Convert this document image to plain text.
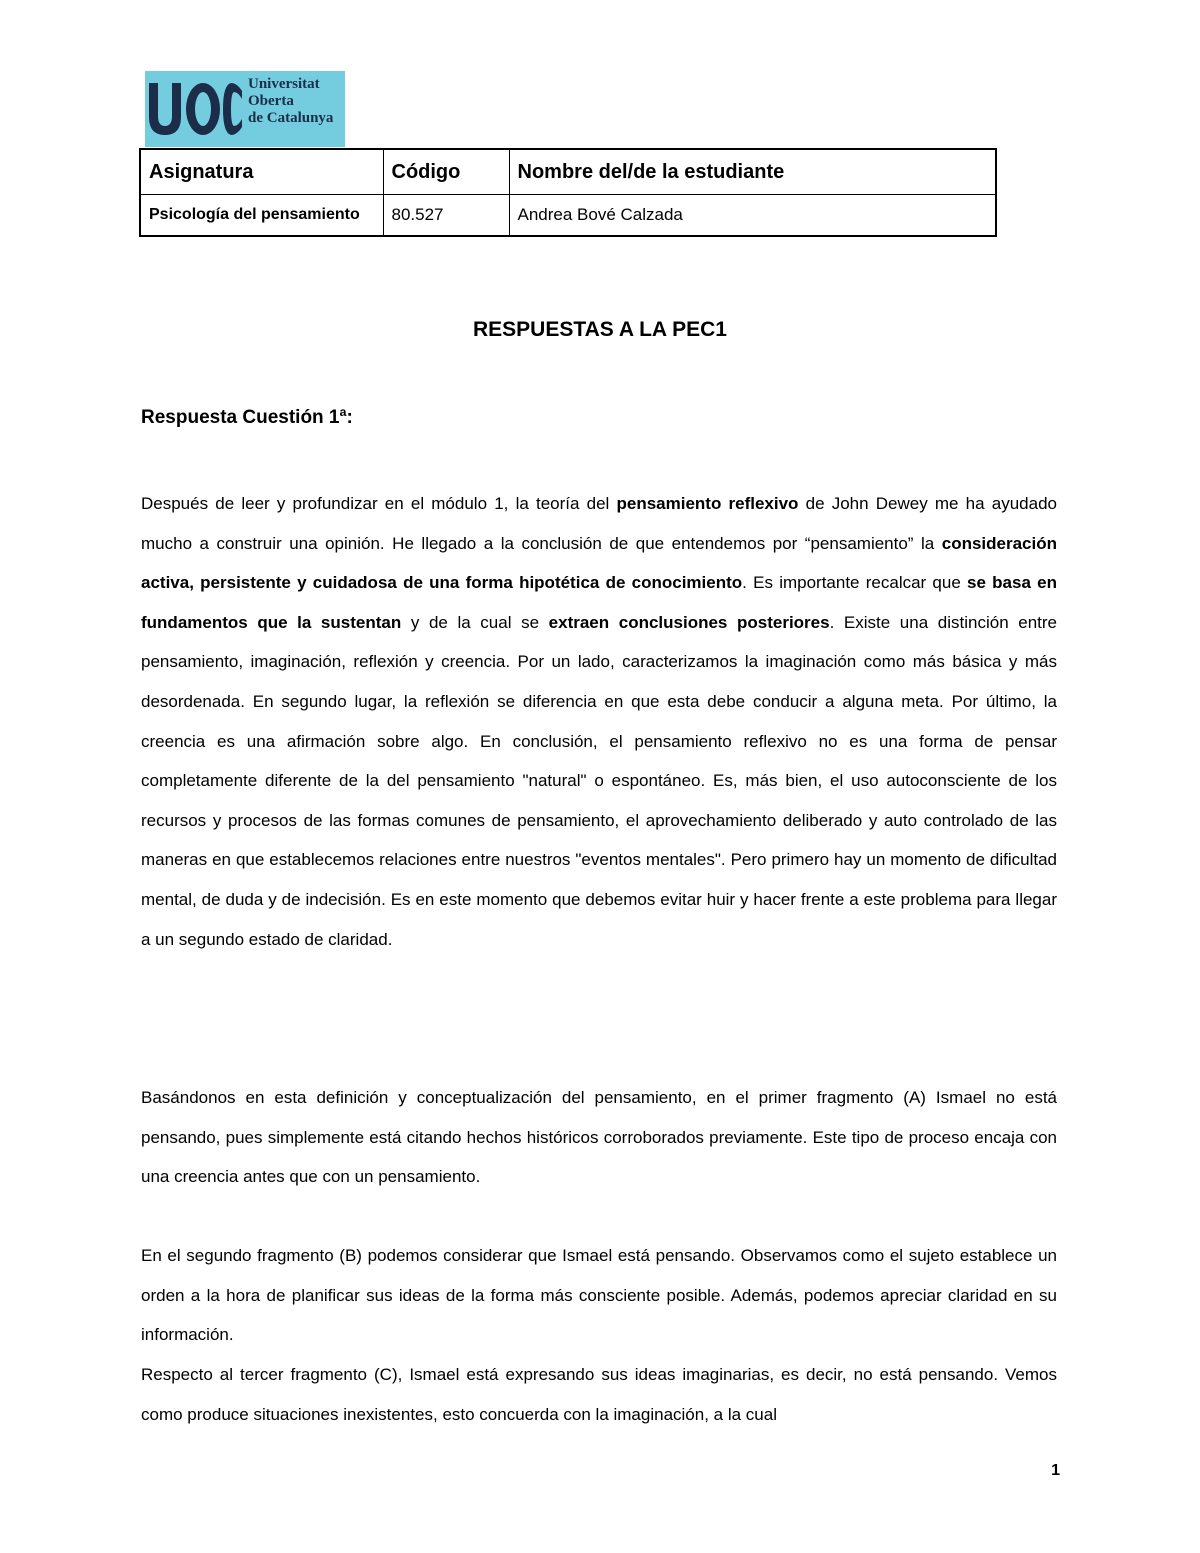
Universitat
Oberta
de Catalunya
Asignatura	Código	Nombre del/de la estudiante
Psicología del pensamiento	80.527	Andrea Bové Calzada
RESPUESTAS A LA PEC1
Respuesta Cuestión 1ª:

Después de leer y profundizar en el módulo 1, la teoría del pensamiento reflexivo de John Dewey me ha ayudado mucho a construir una opinión. He llegado a la conclusión de que entendemos por “pensamiento” la consideración activa, persistente y cuidadosa de una forma hipotética de conocimiento. Es importante recalcar que se basa en fundamentos que la sustentan y de la cual se extraen conclusiones posteriores. Existe una distinción entre pensamiento, imaginación, reflexión y creencia. Por un lado, caracterizamos la imaginación como más básica y más desordenada. En segundo lugar, la reflexión se diferencia en que esta debe conducir a alguna meta. Por último, la creencia es una afirmación sobre algo. En conclusión, el pensamiento reflexivo no es una forma de pensar completamente diferente de la del pensamiento "natural" o espontáneo. Es, más bien, el uso autoconsciente de los recursos y procesos de las formas comunes de pensamiento, el aprovechamiento deliberado y auto controlado de las maneras en que establecemos relaciones entre nuestros "eventos mentales". Pero primero hay un momento de dificultad mental, de duda y de indecisión. Es en este momento que debemos evitar huir y hacer frente a este problema para llegar a un segundo estado de claridad.

Basándonos en esta definición y conceptualización del pensamiento, en el primer fragmento (A) Ismael no está pensando, pues simplemente está citando hechos históricos corroborados previamente. Este tipo de proceso encaja con una creencia antes que con un pensamiento.

En el segundo fragmento (B) podemos considerar que Ismael está pensando. Observamos como el sujeto establece un orden a la hora de planificar sus ideas de la forma más consciente posible. Además, podemos apreciar claridad en su información.

Respecto al tercer fragmento (C), Ismael está expresando sus ideas imaginarias, es decir, no está pensando. Vemos como produce situaciones inexistentes, esto concuerda con la imaginación, a la cual

1
